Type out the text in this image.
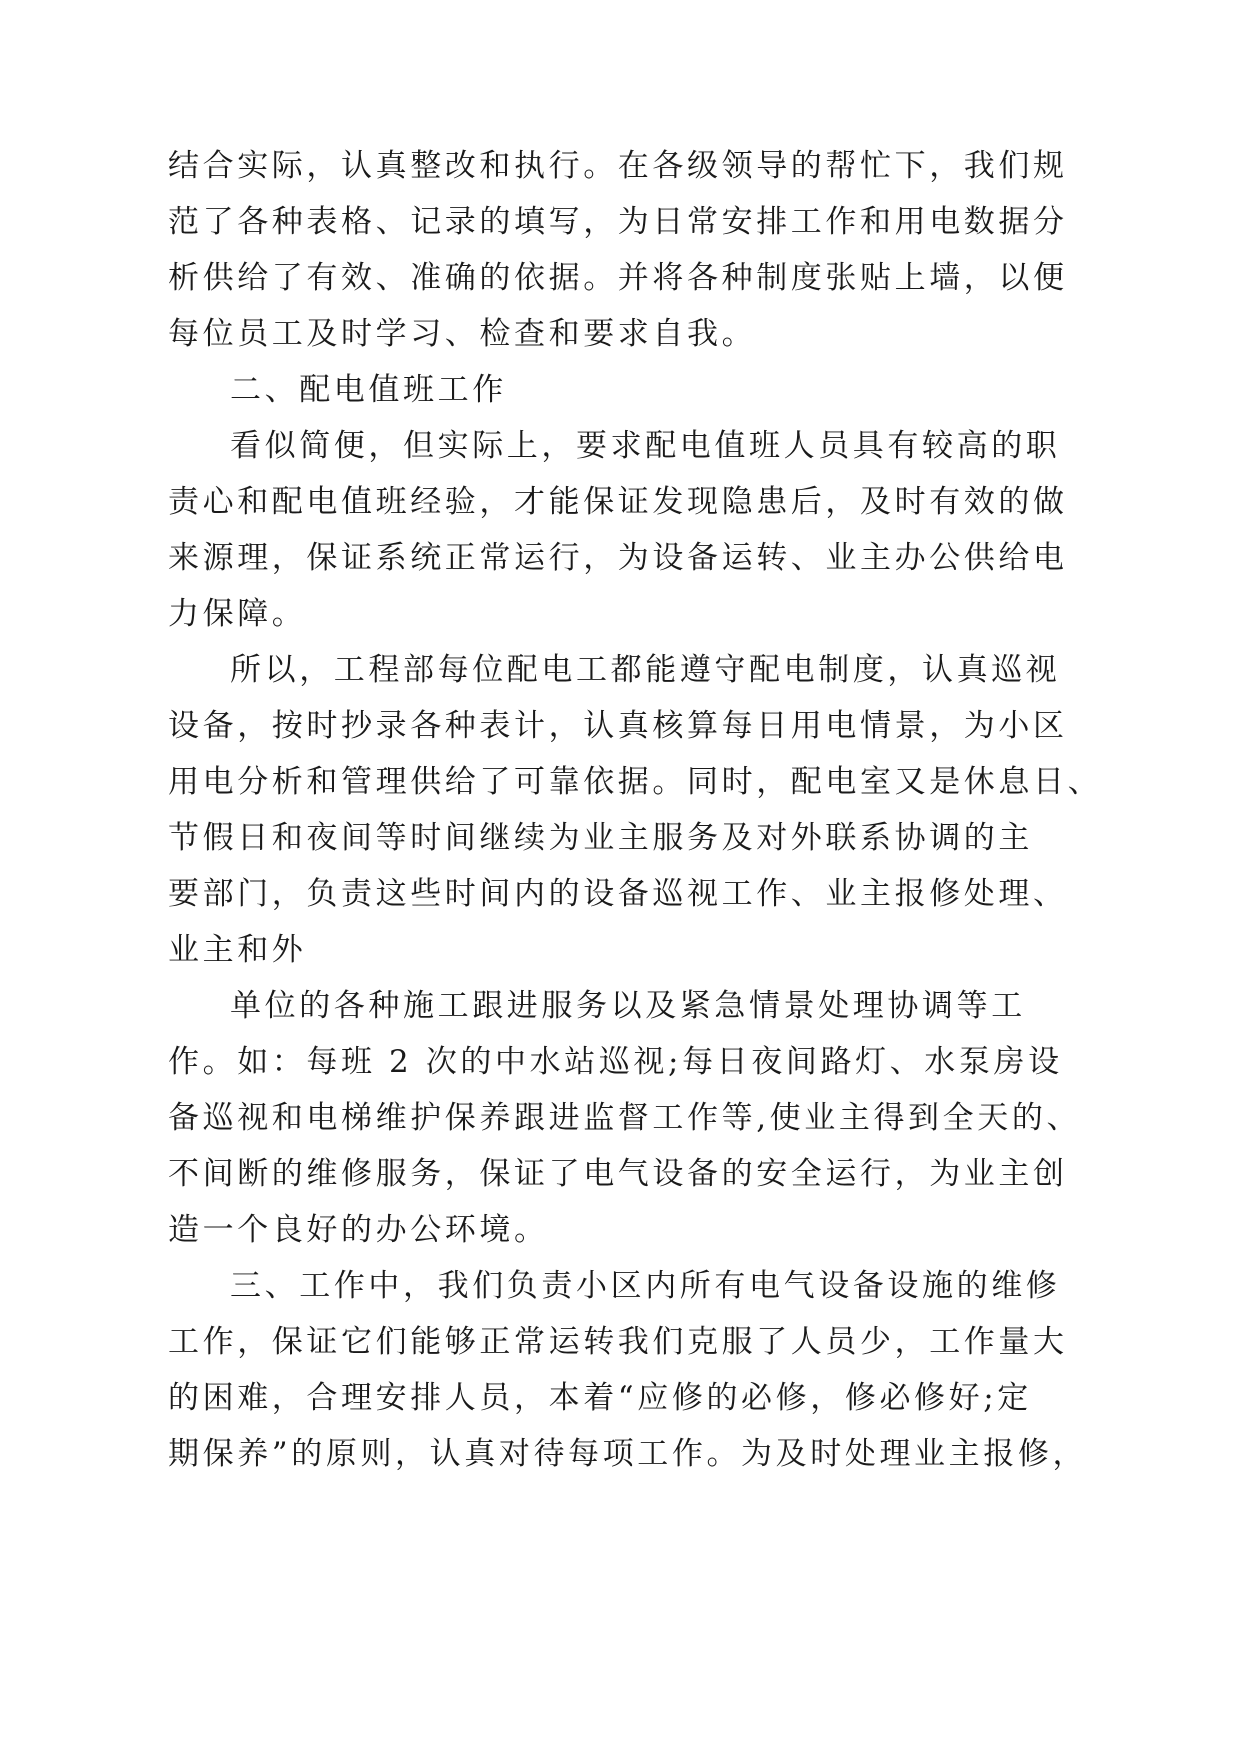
结合实际，认真整改和执行。在各级领导的帮忙下，我们规
范了各种表格、记录的填写，为日常安排工作和用电数据分
析供给了有效、准确的依据。并将各种制度张贴上墙，以便
每位员工及时学习、检查和要求自我。
二、配电值班工作
看似简便，但实际上，要求配电值班人员具有较高的职
责心和配电值班经验，才能保证发现隐患后，及时有效的做
来源理，保证系统正常运行，为设备运转、业主办公供给电
力保障。
所以，工程部每位配电工都能遵守配电制度，认真巡视
设备，按时抄录各种表计，认真核算每日用电情景，为小区
用电分析和管理供给了可靠依据。同时，配电室又是休息日、
节假日和夜间等时间继续为业主服务及对外联系协调的主
要部门，负责这些时间内的设备巡视工作、业主报修处理、
业主和外
单位的各种施工跟进服务以及紧急情景处理协调等工
作。如：每班 2 次的中水站巡视;每日夜间路灯、水泵房设
备巡视和电梯维护保养跟进监督工作等,使业主得到全天的、
不间断的维修服务，保证了电气设备的安全运行，为业主创
造一个良好的办公环境。
三、工作中，我们负责小区内所有电气设备设施的维修
工作，保证它们能够正常运转我们克服了人员少，工作量大
的困难，合理安排人员，本着“应修的必修，修必修好;定
期保养”的原则，认真对待每项工作。为及时处理业主报修，
